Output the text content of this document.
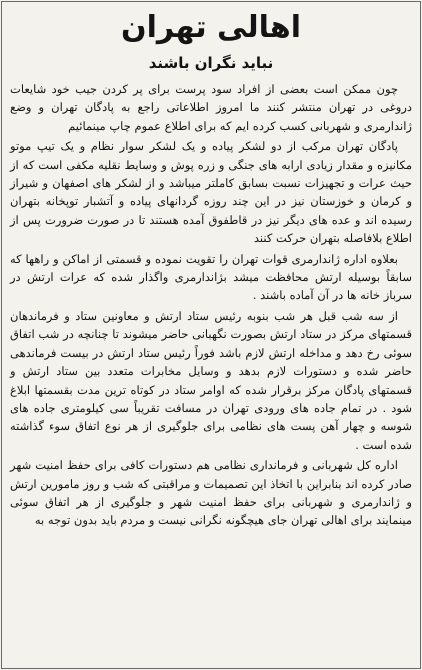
اهالی تهران
نباید نگران باشند

چون ممکن است بعضی از افراد سود پرست برای پر کردن جیب خود شایعات دروغی در تهران منتشر کنند ما امروز اطلاعاتی راجع به پادگان تهران و وضع ژاندارمری و شهربانی کسب کرده ایم که برای اطلاع عموم چاپ مینمائیم

پادگان تهران مرکب از دو لشکر پیاده و یک لشکر سوار نظام و یک تیپ موتو مکانیزه و مقدار زیادی ارابه های جنگی و زره پوش و وسایط نقلیه مکفی است که از حیث عرات و تجهیزات نسبت بسابق کاملتر میباشد و از لشکر های اصفهان و شیراز و کرمان و خوزستان نیز در این چند روزه گردانهای پیاده و آتشبار توپخانه بتهران رسیده اند و عده های دیگر نیز در قاطفوق آمده هستند تا در صورت ضرورت پس از اطلاع بلافاصله بتهران حرکت کنند

بعلاوه اداره ژاندارمری قوات تهران را تقویت نموده و قسمتی از اماکن و راهها که سابقاً بوسیله ارتش محافظت میشد بژاندارمری واگذار شده که عرات ارتش در سرباز خانه ها در آن آماده باشند .

از سه شب قبل هر شب بنوبه رئیس ستاد ارتش و معاونین ستاد و فرماندهان قسمتهای مرکز در ستاد ارتش بصورت نگهبانی حاضر میشوند تا چنانچه در شب اتفاق سوئی رخ دهد و مداخله ارتش لازم باشد فوراً رئیس ستاد ارتش در بیست فرماندهی حاضر شده و دستورات لازم بدهد و وسایل مخابرات متعدد بین ستاد ارتش و قسمتهای پادگان مرکز برقرار شده که اوامر ستاد در کوتاه ترین مدت بقسمتها ابلاغ شود . در تمام جاده های ورودی تهران در مسافت تقریباً سی کیلومتری جاده های شوسه و چهار آهن پست های نظامی برای جلوگیری از هر نوع اتفاق سوء گذاشته شده است .

اداره کل شهربانی و فرمانداری نظامی هم دستورات کافی برای حفظ امنیت شهر صادر کرده اند بنابراین با اتخاذ این تصمیمات و مراقبتی که شب و روز مامورین ارتش و ژاندارمری و شهربانی برای حفظ امنیت شهر و جلوگیری از هر اتفاق سوئی مینمایند برای اهالی تهران جای هیچگونه نگرانی نیست و مردم باید بدون توجه به
